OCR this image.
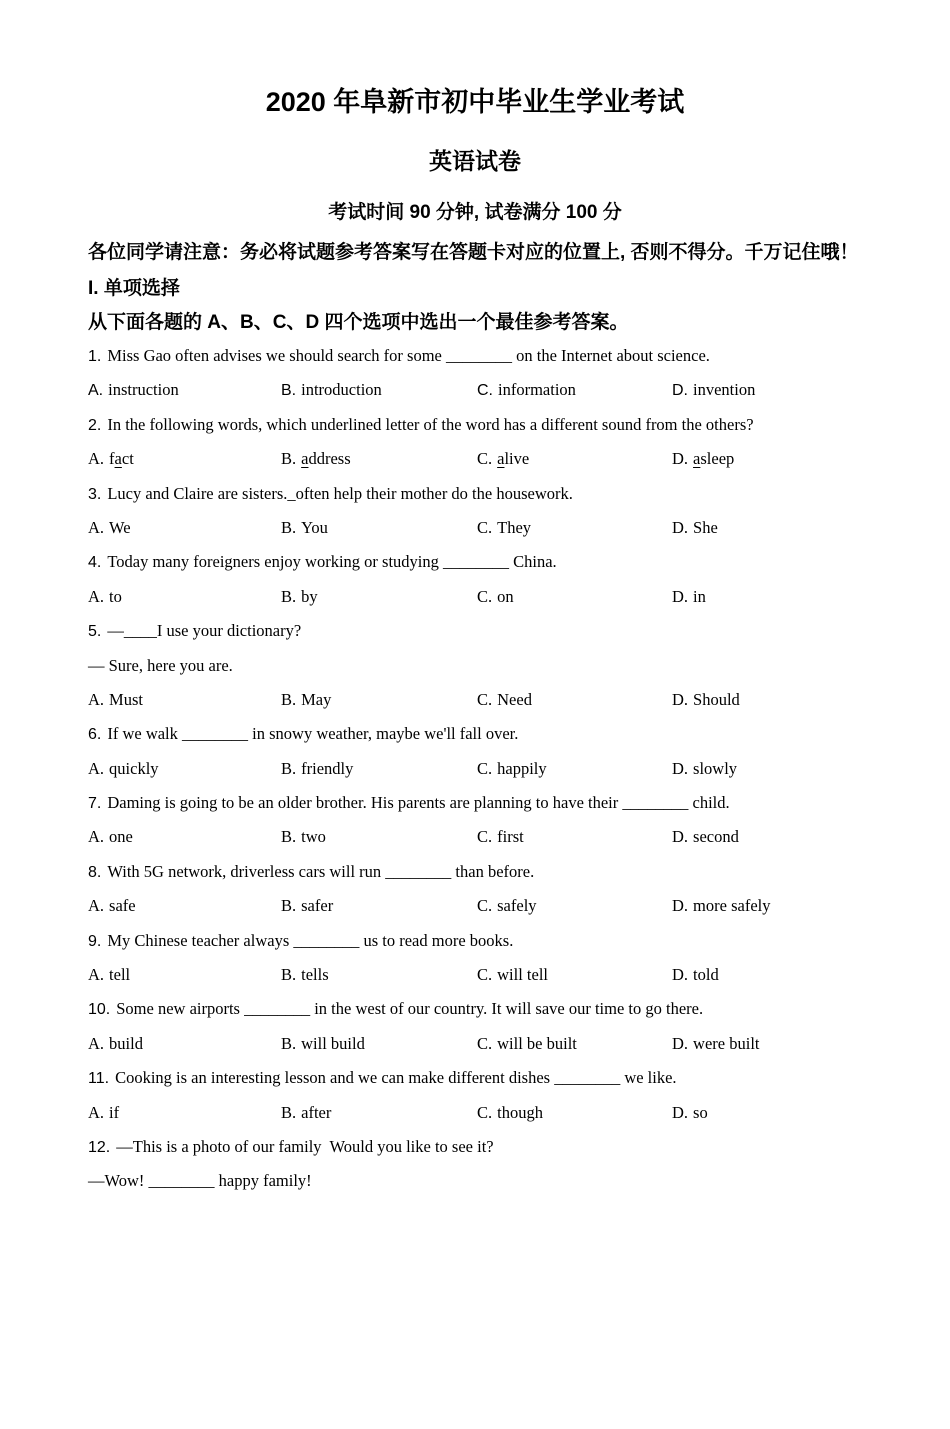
2020 年阜新市初中毕业生学业考试
英语试卷
考试时间 90 分钟, 试卷满分 100 分
各位同学请注意：务必将试题参考答案写在答题卡对应的位置上, 否则不得分。千万记住哦！
I. 单项选择
从下面各题的 A、B、C、D 四个选项中选出一个最佳参考答案。
1. Miss Gao often advises we should search for some ________ on the Internet about science.
A. instruction	B. introduction	C. information	D. invention
2. In the following words, which underlined letter of the word has a different sound from the others?
A. fact	B. address	C. alive	D. asleep
3. Lucy and Claire are sisters._often help their mother do the housework.
A. We	B. You	C. They	D. She
4. Today many foreigners enjoy working or studying ________ China.
A. to	B. by	C. on	D. in
5. —____I use your dictionary?
— Sure, here you are.
A. Must	B. May	C. Need	D. Should
6. If we walk ________ in snowy weather, maybe we'll fall over.
A. quickly	B. friendly	C. happily	D. slowly
7. Daming is going to be an older brother. His parents are planning to have their ________ child.
A. one	B. two	C. first	D. second
8. With 5G network, driverless cars will run ________ than before.
A. safe	B. safer	C. safely	D. more safely
9. My Chinese teacher always ________ us to read more books.
A. tell	B. tells	C. will tell	D. told
10. Some new airports ________ in the west of our country. It will save our time to go there.
A. build	B. will build	C. will be built	D. were built
11. Cooking is an interesting lesson and we can make different dishes ________ we like.
A. if	B. after	C. though	D. so
12. —This is a photo of our family  Would you like to see it?
—Wow! ________ happy family!
